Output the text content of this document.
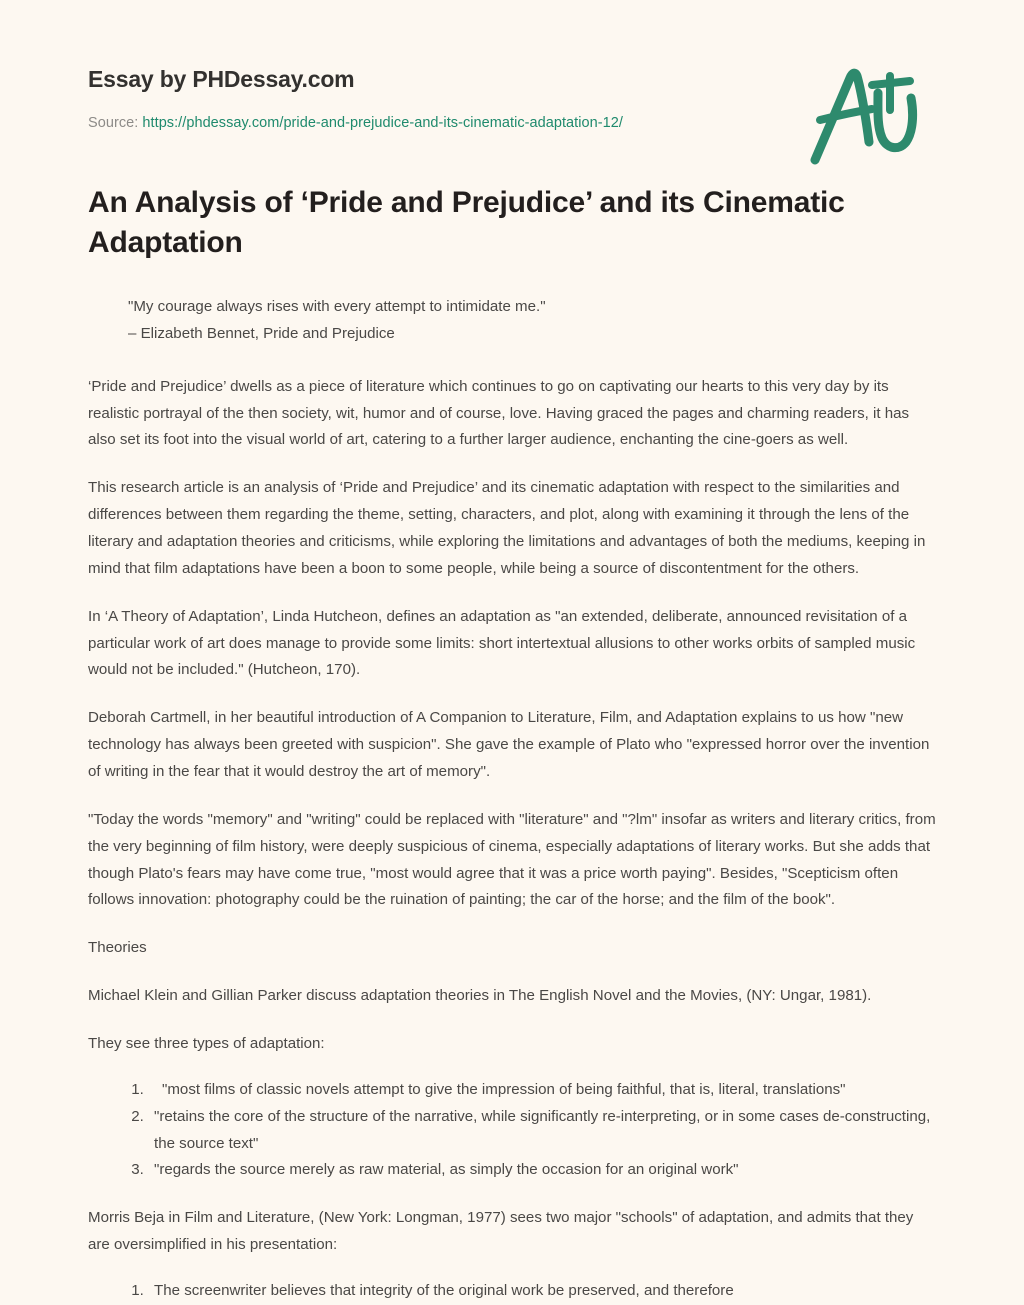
Essay by PHDessay.com
Source: https://phdessay.com/pride-and-prejudice-and-its-cinematic-adaptation-12/
An Analysis of ‘Pride and Prejudice’ and its Cinematic Adaptation
"My courage always rises with every attempt to intimidate me."
– Elizabeth Bennet, Pride and Prejudice

‘Pride and Prejudice’ dwells as a piece of literature which continues to go on captivating our hearts to this very day by its realistic portrayal of the then society, wit, humor and of course, love. Having graced the pages and charming readers, it has also set its foot into the visual world of art, catering to a further larger audience, enchanting the cine-goers as well.

This research article is an analysis of ‘Pride and Prejudice’ and its cinematic adaptation with respect to the similarities and differences between them regarding the theme, setting, characters, and plot, along with examining it through the lens of the literary and adaptation theories and criticisms, while exploring the limitations and advantages of both the mediums, keeping in mind that film adaptations have been a boon to some people, while being a source of discontentment for the others.

In ‘A Theory of Adaptation’, Linda Hutcheon, defines an adaptation as "an extended, deliberate, announced revisitation of a particular work of art does manage to provide some limits: short intertextual allusions to other works orbits of sampled music would not be included." (Hutcheon, 170).

Deborah Cartmell, in her beautiful introduction of A Companion to Literature, Film, and Adaptation explains to us how "new technology has always been greeted with suspicion". She gave the example of Plato who "expressed horror over the invention of writing in the fear that it would destroy the art of memory".

"Today the words "memory" and "writing" could be replaced with "literature" and "?lm" insofar as writers and literary critics, from the very beginning of film history, were deeply suspicious of cinema, especially adaptations of literary works. But she adds that though Plato's fears may have come true, "most would agree that it was a price worth paying". Besides, "Scepticism often follows innovation: photography could be the ruination of painting; the car of the horse; and the film of the book".

Theories

Michael Klein and Gillian Parker discuss adaptation theories in The English Novel and the Movies, (NY: Ungar, 1981).

They see three types of adaptation:

1. "most films of classic novels attempt to give the impression of being faithful, that is, literal, translations"
2. "retains the core of the structure of the narrative, while significantly re-interpreting, or in some cases de-constructing, the source text"
3. "regards the source merely as raw material, as simply the occasion for an original work"

Morris Beja in Film and Literature, (New York: Longman, 1977) sees two major "schools" of adaptation, and admits that they are oversimplified in his presentation:

1. The screenwriter believes that integrity of the original work be preserved, and therefore
